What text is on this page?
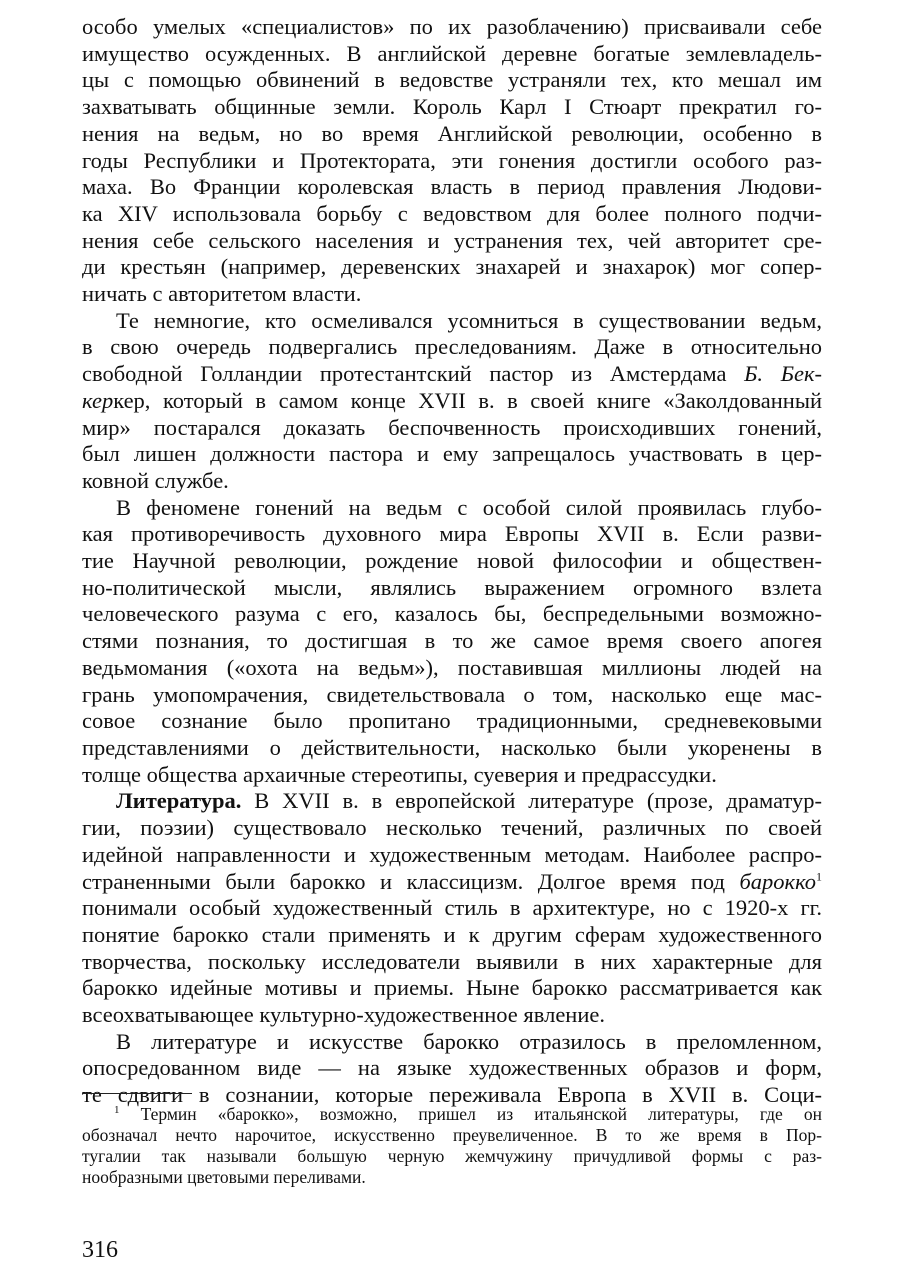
особо умелых «специалистов» по их разоблачению) присваивали себе
имущество осужденных. В английской деревне богатые землевладель-
цы с помощью обвинений в ведовстве устраняли тех, кто мешал им
захватывать общинные земли. Король Карл I Стюарт прекратил го-
нения на ведьм, но во время Английской революции, особенно в
годы Республики и Протектората, эти гонения достигли особого раз-
маха. Во Франции королевская власть в период правления Людови-
ка XIV использовала борьбу с ведовством для более полного подчи-
нения себе сельского населения и устранения тех, чей авторитет сре-
ди крестьян (например, деревенских знахарей и знахарок) мог сопер-
ничать с авторитетом власти.

Те немногие, кто осмеливался усомниться в существовании ведьм,
в свою очередь подвергались преследованиям. Даже в относительно
свободной Голландии протестантский пастор из Амстердама Б. Бек-
керкер, который в самом конце XVII в. в своей книге «Заколдованный
мир» постарался доказать беспочвенность происходивших гонений,
был лишен должности пастора и ему запрещалось участвовать в цер-
ковной службе.

В феномене гонений на ведьм с особой силой проявилась глубо-
кая противоречивость духовного мира Европы XVII в. Если разви-
тие Научной революции, рождение новой философии и обществен-
но-политической мысли, являлись выражением огромного взлета
человеческого разума с его, казалось бы, беспредельными возможно-
стями познания, то достигшая в то же самое время своего апогея
ведьмомания («охота на ведьм»), поставившая миллионы людей на
грань умопомрачения, свидетельствовала о том, насколько еще мас-
совое сознание было пропитано традиционными, средневековыми
представлениями о действительности, насколько были укоренены в
толще общества архаичные стереотипы, суеверия и предрассудки.

Литература. В XVII в. в европейской литературе (прозе, драматур-
гии, поэзии) существовало несколько течений, различных по своей
идейной направленности и художественным методам. Наиболее распро-
страненными были барокко и классицизм. Долгое время под барокко$^1$
понимали особый художественный стиль в архитектуре, но с 1920-х гг.
понятие барокко стали применять и к другим сферам художественного
творчества, поскольку исследователи выявили в них характерные для
барокко идейные мотивы и приемы. Ныне барокко рассматривается как
всеохватывающее культурно-художественное явление.

В литературе и искусстве барокко отразилось в преломленном,
опосредованном виде — на языке художественных образов и форм,
те сдвиги в сознании, которые переживала Европа в XVII в. Соци-

$^1$ Термин «барокко», возможно, пришел из итальянской литературы, где он
обозначал нечто нарочитое, искусственно преувеличенное. В то же время в Пор-
тугалии так называли большую черную жемчужину причудливой формы с раз-
нообразными цветовыми переливами.
316
